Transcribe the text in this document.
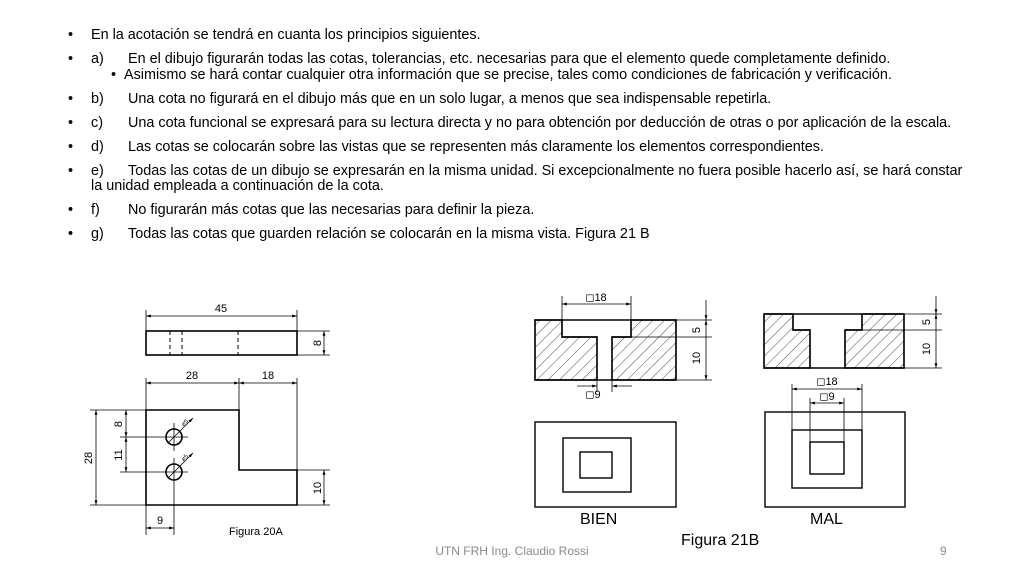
• En la acotación se tendrá en cuanta los principios siguientes.
• a) En el dibujo figurarán todas las cotas, tolerancias, etc. necesarias para que el elemento quede completamente definido.
• Asimismo se hará contar cualquier otra información que se precise, tales como condiciones de fabricación y verificación.
• b) Una cota no figurará en el dibujo más que en un solo lugar, a menos que sea indispensable repetirla.
• c) Una cota funcional se expresará para su lectura directa y no para obtención por deducción de otras o por aplicación de la escala.
• d) Las cotas se colocarán sobre las vistas que se representen más claramente los elementos correspondientes.
• e) Todas las cotas de un dibujo se expresarán en la misma unidad. Si excepcionalmente no fuera posible hacerlo así, se hará constar la unidad empleada a continuación de la cota.
• f) No figurarán más cotas que las necesarias para definir la pieza.
• g) Todas las cotas que guarden relación se colocarán en la misma vista. Figura 21 B
45
8
28	18
28
8
11
10
9
⌀5
⌀5
Figura 20A
◻18
◻9
5
10
BIEN
5
10
◻18
◻9
MAL
Figura 21B
UTN FRH Ing. Claudio Rossi	9
